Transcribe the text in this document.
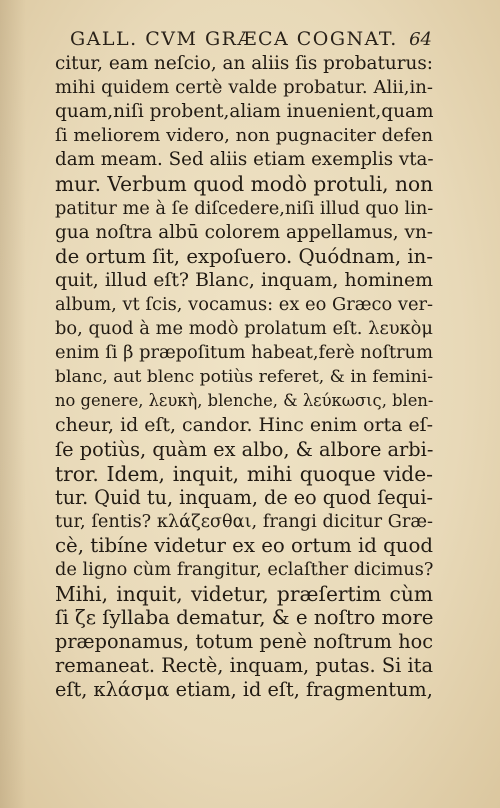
GALL. CVM GRÆCA COGNAT. 64
citur, eam neſcio, an aliis ſis probaturus:
mihi quidem certè valde probatur. Alii,in-
quam,niſi probent,aliam inuenient,quam
ſi meliorem videro, non pugnaciter defen
dam meam. Sed aliis etiam exemplis vta-
mur. Verbum quod modò protuli, non
patitur me à ſe diſcedere,niſi illud quo lin-
gua noſtra albū colorem appellamus, vn-
de ortum ſit, expoſuero. Quódnam, in-
quit, illud eſt? Blanc, inquam, hominem
album, vt ſcis, vocamus: ex eo Græco ver-
bo, quod à me modò prolatum eſt. λευκὸμ
enim ſi β præpoſitum habeat,ferè noſtrum
blanc, aut blenc potiùs referet, & in femini-
no genere, λευκὴ, blenche, & λεύκωσις, blen-
cheur, id eſt, candor. Hinc enim orta eſ-
ſe potiùs, quàm ex albo, & albore arbi-
tror. Idem, inquit, mihi quoque vide-
tur. Quid tu, inquam, de eo quod ſequi-
tur, ſentis? κλάζεσθαι, frangi dicitur Græ-
cè, tibíne videtur ex eo ortum id quod
de ligno cùm frangitur, eclaſther dicimus?
Mihi, inquit, videtur, præſertim cùm
ſi ζε ſyllaba dematur, & e noſtro more
præponamus, totum penè noſtrum hoc
remaneat. Rectè, inquam, putas. Si ita
eſt, κλάσμα etiam, id eſt, fragmentum,
